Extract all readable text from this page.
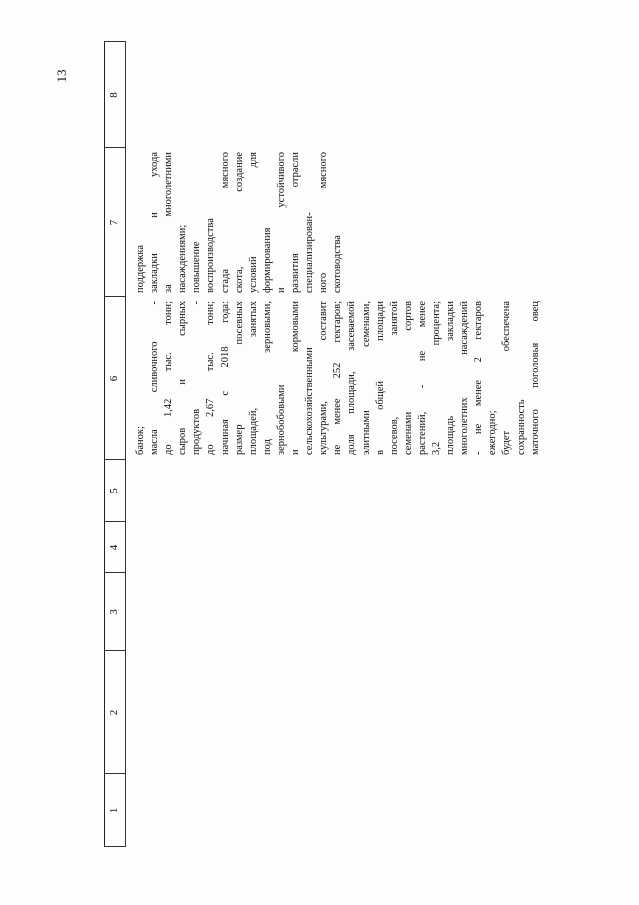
13
1
2
3
4
5
6
7
8
банок; масла сливочного - до 1,42 тыс. тонн; сыров и сырных продуктов - до 2,67 тыс. тонн; начиная с 2018 года: размер посевных площадей, занятых под зерновыми, зернобобовыми и кормовыми сельскохозяйственными культурами, составит не менее 252 гектаров; доля площади, засеваемой элитными семенами, в общей площади посевов, занятой семенами сортов растений, - не менее 3,2 процента; площадь закладки многолетних насаждений - не менее 2 гектаров ежегодно; будет обеспечена сохранность маточного поголовья овец
поддержка закладки и ухода за многолетними насаждениями; повышение воспроизводства стада мясного скота, создание условий для формирования и устойчивого развития отрасли специализирован- ного мясного скотоводства
